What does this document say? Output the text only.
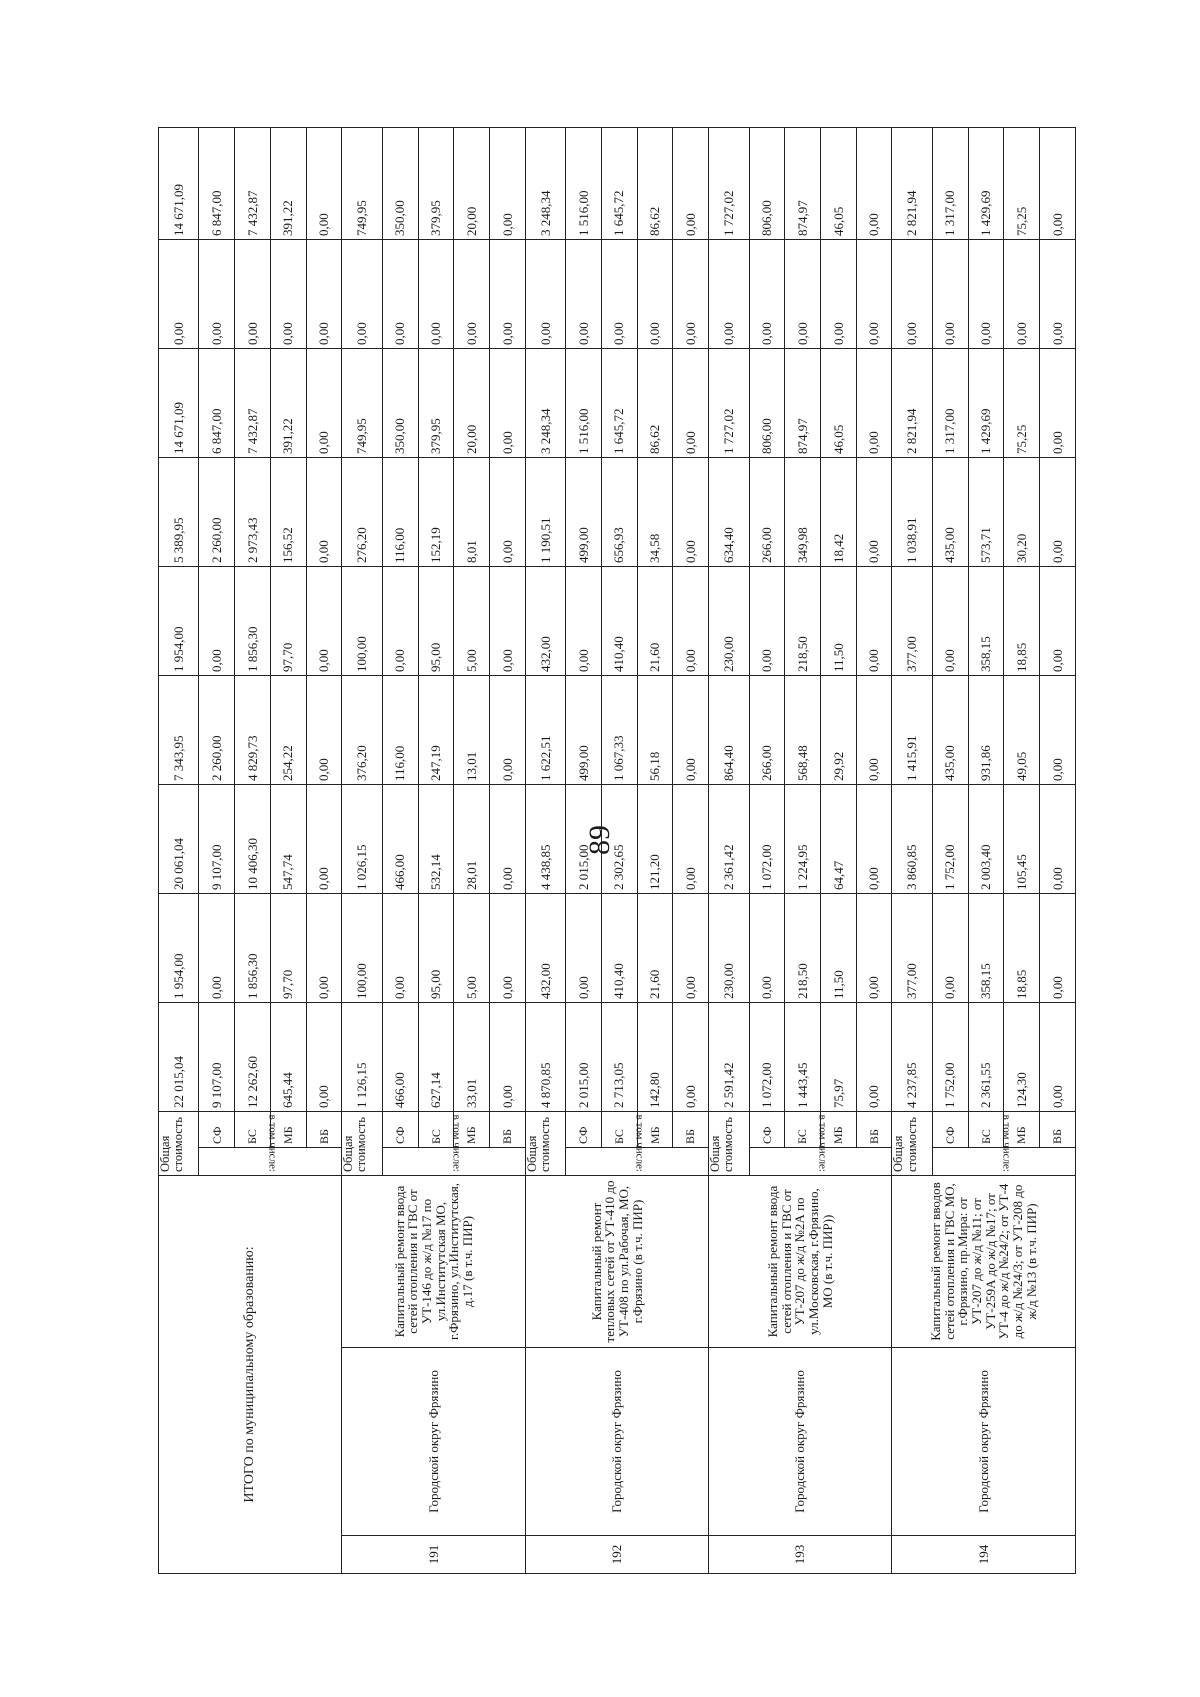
89
ИТОГО по муниципальному образованию:			Общая стоимость		22 015,04	1 954,00	20 061,04	7 343,95	1 954,00	5 389,95	14 671,09	0,00	14 671,09
			в том числе:	СФ	9 107,00	0,00	9 107,00	2 260,00	0,00	2 260,00	6 847,00	0,00	6 847,00
				БС	12 262,60	1 856,30	10 406,30	4 829,73	1 856,30	2 973,43	7 432,87	0,00	7 432,87
				МБ	645,44	97,70	547,74	254,22	97,70	156,52	391,22	0,00	391,22
				ВБ	0,00	0,00	0,00	0,00	0,00	0,00	0,00	0,00	0,00
191	Городской округ Фрязино	Капитальный ремонт ввода сетей отопления и ГВС от УТ-146 до ж/д №17 по ул.Институтская МО, г.Фрязино, ул.Институтская, д.17 (в т.ч. ПИР)	Общая стоимость		1 126,15	100,00	1 026,15	376,20	100,00	276,20	749,95	0,00	749,95
			в том числе:	СФ	466,00	0,00	466,00	116,00	0,00	116,00	350,00	0,00	350,00
				БС	627,14	95,00	532,14	247,19	95,00	152,19	379,95	0,00	379,95
				МБ	33,01	5,00	28,01	13,01	5,00	8,01	20,00	0,00	20,00
				ВБ	0,00	0,00	0,00	0,00	0,00	0,00	0,00	0,00	0,00
192	Городской округ Фрязино	Капитальный ремонт тепловых сетей от УТ-410 до УТ-408 по ул.Рабочая, МО, г.Фрязино (в т.ч. ПИР)	Общая стоимость		4 870,85	432,00	4 438,85	1 622,51	432,00	1 190,51	3 248,34	0,00	3 248,34
			в том числе:	СФ	2 015,00	0,00	2 015,00	499,00	0,00	499,00	1 516,00	0,00	1 516,00
				БС	2 713,05	410,40	2 302,65	1 067,33	410,40	656,93	1 645,72	0,00	1 645,72
				МБ	142,80	21,60	121,20	56,18	21,60	34,58	86,62	0,00	86,62
				ВБ	0,00	0,00	0,00	0,00	0,00	0,00	0,00	0,00	0,00
193	Городской округ Фрязино	Капитальный ремонт ввода сетей отопления и ГВС от УТ-207 до ж/д №2А по ул.Московская, г.Фрязино, МО (в т.ч. ПИР))	Общая стоимость		2 591,42	230,00	2 361,42	864,40	230,00	634,40	1 727,02	0,00	1 727,02
			в том числе:	СФ	1 072,00	0,00	1 072,00	266,00	0,00	266,00	806,00	0,00	806,00
				БС	1 443,45	218,50	1 224,95	568,48	218,50	349,98	874,97	0,00	874,97
				МБ	75,97	11,50	64,47	29,92	11,50	18,42	46,05	0,00	46,05
				ВБ	0,00	0,00	0,00	0,00	0,00	0,00	0,00	0,00	0,00
194	Городской округ Фрязино	Капитальный ремонт вводов сетей отопления и ГВС МО, г.Фрязино, пр.Мира: от УТ-207 до ж/д №11; от УТ-259А до ж/д №17; от УТ-4 до ж/д №24/2; от УТ-4 до ж/д №24/3; от УТ-208 до ж/д №13 (в т.ч. ПИР)	Общая стоимость		4 237,85	377,00	3 860,85	1 415,91	377,00	1 038,91	2 821,94	0,00	2 821,94
			в том числе:	СФ	1 752,00	0,00	1 752,00	435,00	0,00	435,00	1 317,00	0,00	1 317,00
				БС	2 361,55	358,15	2 003,40	931,86	358,15	573,71	1 429,69	0,00	1 429,69
				МБ	124,30	18,85	105,45	49,05	18,85	30,20	75,25	0,00	75,25
				ВБ	0,00	0,00	0,00	0,00	0,00	0,00	0,00	0,00	0,00
